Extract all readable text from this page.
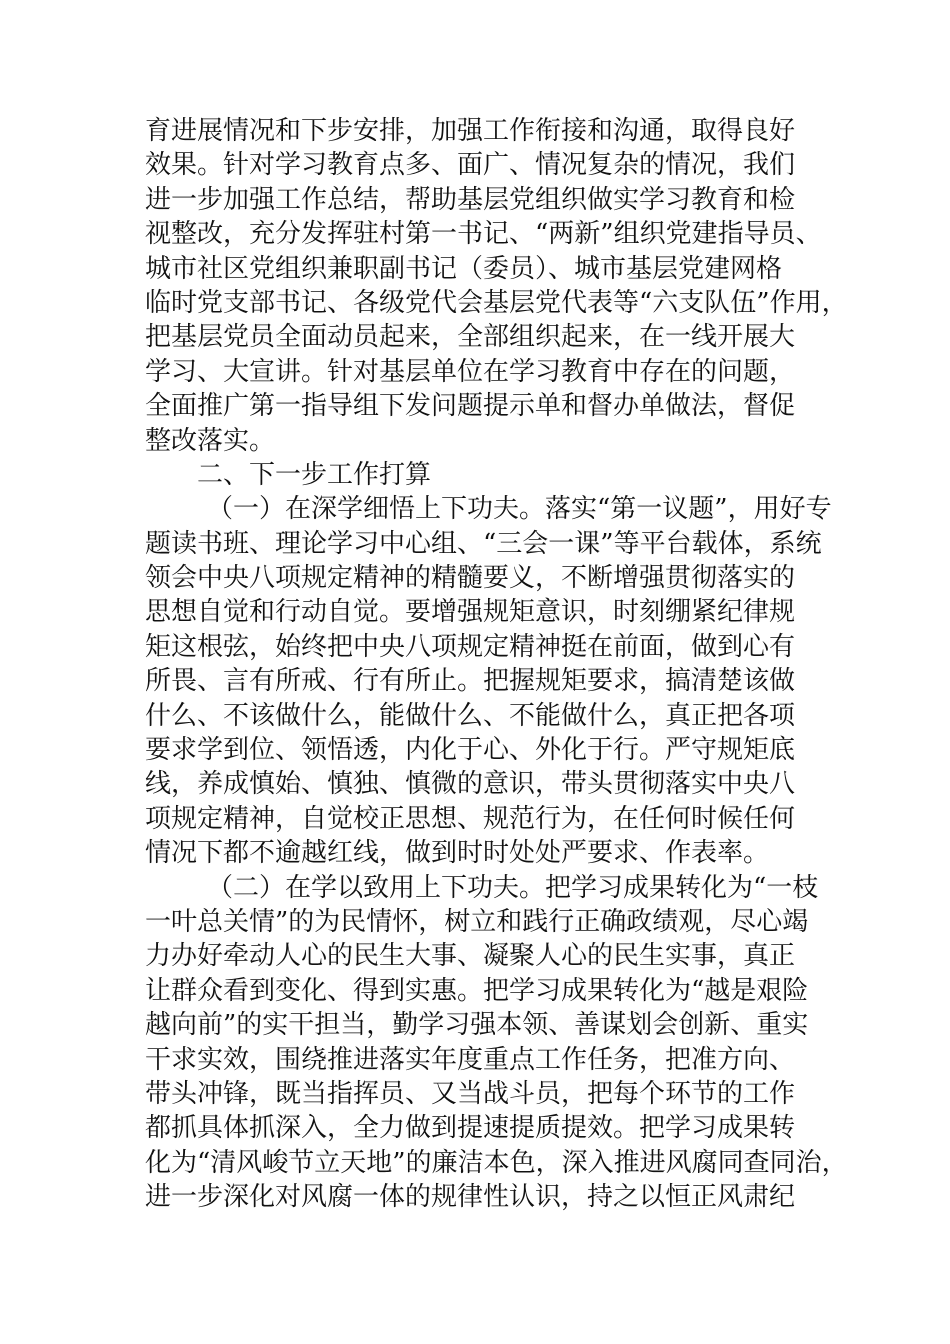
育进展情况和下步安排，加强工作衔接和沟通，取得良好
效果。针对学习教育点多、面广、情况复杂的情况，我们
进一步加强工作总结，帮助基层党组织做实学习教育和检
视整改，充分发挥驻村第一书记、“两新”组织党建指导员、
城市社区党组织兼职副书记（委员）、城市基层党建网格
临时党支部书记、各级党代会基层党代表等“六支队伍”作用，
把基层党员全面动员起来，全部组织起来，在一线开展大
学习、大宣讲。针对基层单位在学习教育中存在的问题，
全面推广第一指导组下发问题提示单和督办单做法，督促
整改落实。
二、下一步工作打算
（一）在深学细悟上下功夫。落实“第一议题”，用好专
题读书班、理论学习中心组、“三会一课”等平台载体，系统
领会中央八项规定精神的精髓要义，不断增强贯彻落实的
思想自觉和行动自觉。要增强规矩意识，时刻绷紧纪律规
矩这根弦，始终把中央八项规定精神挺在前面，做到心有
所畏、言有所戒、行有所止。把握规矩要求，搞清楚该做
什么、不该做什么，能做什么、不能做什么，真正把各项
要求学到位、领悟透，内化于心、外化于行。严守规矩底
线，养成慎始、慎独、慎微的意识，带头贯彻落实中央八
项规定精神，自觉校正思想、规范行为，在任何时候任何
情况下都不逾越红线，做到时时处处严要求、作表率。
（二）在学以致用上下功夫。把学习成果转化为“一枝
一叶总关情”的为民情怀，树立和践行正确政绩观，尽心竭
力办好牵动人心的民生大事、凝聚人心的民生实事，真正
让群众看到变化、得到实惠。把学习成果转化为“越是艰险
越向前”的实干担当，勤学习强本领、善谋划会创新、重实
干求实效，围绕推进落实年度重点工作任务，把准方向、
带头冲锋，既当指挥员、又当战斗员，把每个环节的工作
都抓具体抓深入，全力做到提速提质提效。把学习成果转
化为“清风峻节立天地”的廉洁本色，深入推进风腐同查同治，
进一步深化对风腐一体的规律性认识，持之以恒正风肃纪
